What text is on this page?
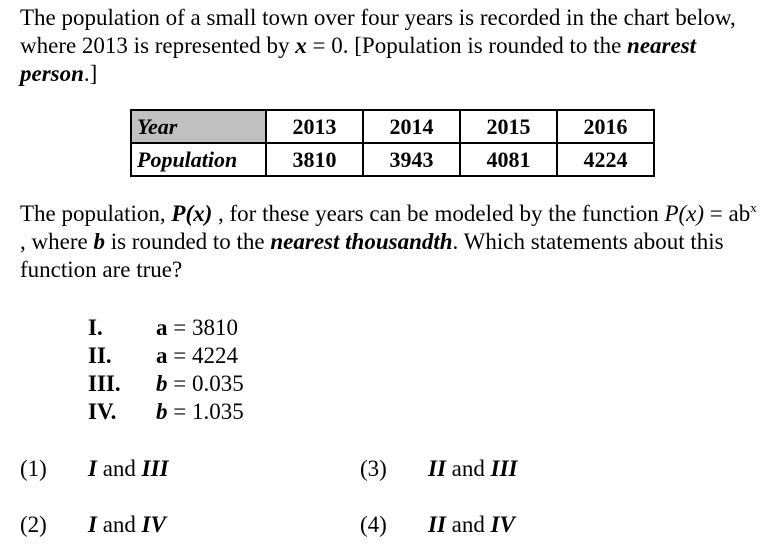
The population of a small town over four years is recorded in the chart below, where 2013 is represented by x = 0. [Population is rounded to the nearest person.]
Year	2013	2014	2015	2016
Population	3810	3943	4081	4224
The population, P(x) , for these years can be modeled by the function $P(x) = ab^x$ , where b is rounded to the nearest thousandth. Which statements about this function are true?
I. a = 3810
II. a = 4224
III. b = 0.035
IV. b = 1.035
(1) I and III	(3) II and III
(2) I and IV	(4) II and IV
